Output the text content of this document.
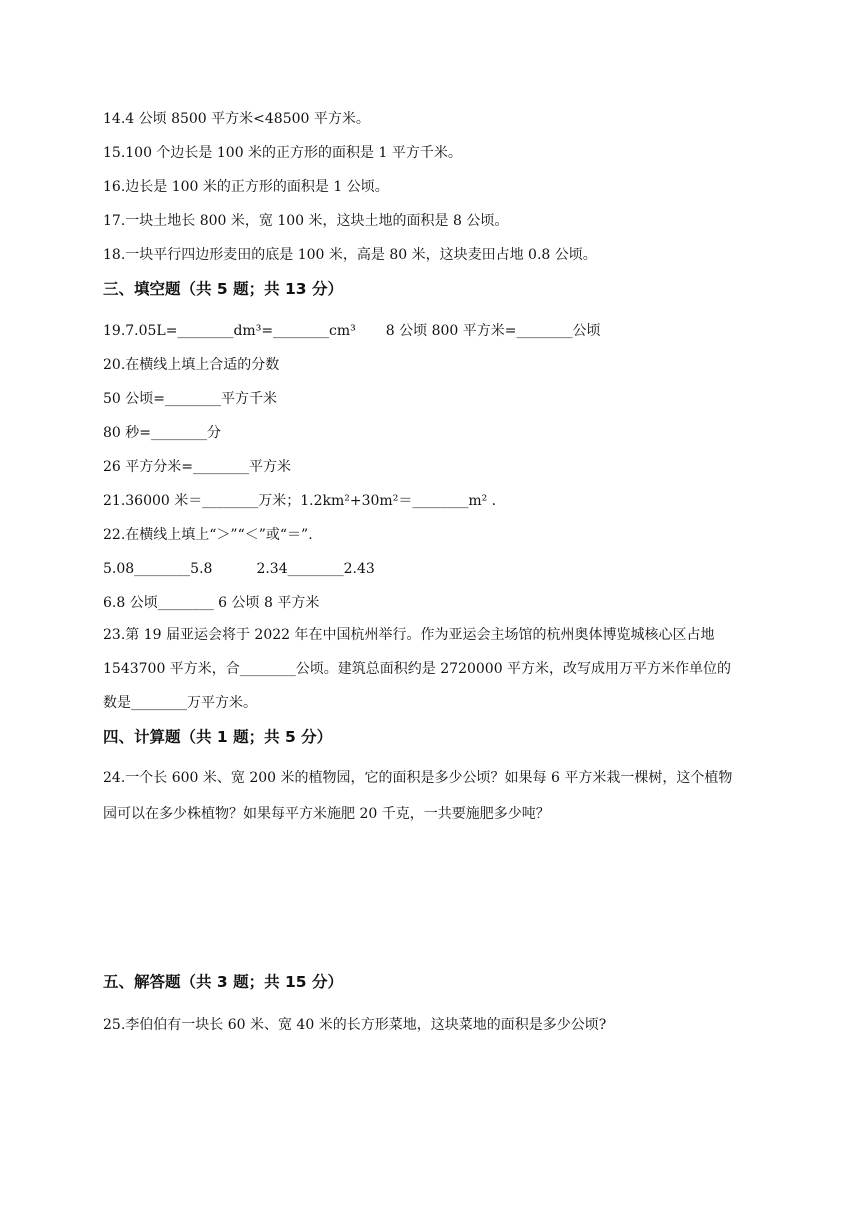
14.4 公顷 8500 平方米<48500 平方米。

15.100 个边长是 100 米的正方形的面积是 1 平方千米。

16.边长是 100 米的正方形的面积是 1 公顷。

17.一块土地长 800 米，宽 100 米，这块土地的面积是 8 公顷。

18.一块平行四边形麦田的底是 100 米，高是 80 米，这块麦田占地 0.8 公顷。

三、填空题（共 5 题；共 13 分）

19.7.05L=________dm³=________cm³ 8 公顷 800 平方米=________公顷

20.在横线上填上合适的分数

50 公顷=________平方千米

80 秒=________分

26 平方分米=________平方米

21.36000 米＝________万米；1.2km²+30m²＝________m² .

22.在横线上填上“＞”“＜”或“＝”.

5.08________5.8	2.34________2.43

6.8 公顷________ 6 公顷 8 平方米

23.第 19 届亚运会将于 2022 年在中国杭州举行。作为亚运会主场馆的杭州奥体博览城核心区占地

1543700 平方米，合________公顷。建筑总面积约是 2720000 平方米，改写成用万平方米作单位的

数是________万平方米。

四、计算题（共 1 题；共 5 分）

24.一个长 600 米、宽 200 米的植物园，它的面积是多少公顷？如果每 6 平方米栽一棵树，这个植物

园可以在多少株植物？如果每平方米施肥 20 千克，一共要施肥多少吨？

五、解答题（共 3 题；共 15 分）

25.李伯伯有一块长 60 米、宽 40 米的长方形菜地，这块菜地的面积是多少公顷?
